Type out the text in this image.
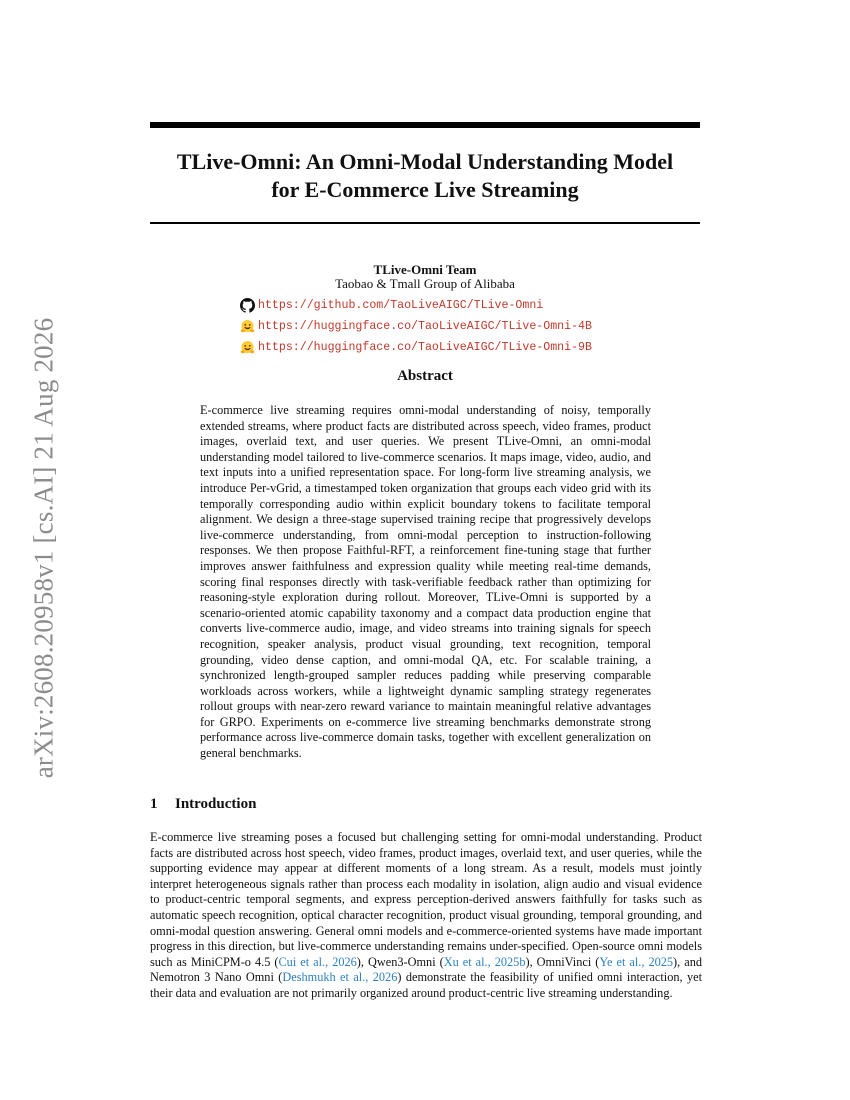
arXiv:2608.20958v1 [cs.AI] 21 Aug 2026
TLive-Omni: An Omni-Modal Understanding Model
for E-Commerce Live Streaming
TLive-Omni Team
Taobao & Tmall Group of Alibaba
https://github.com/TaoLiveAIGC/TLive-Omni
https://huggingface.co/TaoLiveAIGC/TLive-Omni-4B
https://huggingface.co/TaoLiveAIGC/TLive-Omni-9B
Abstract
E-commerce live streaming requires omni-modal understanding of noisy, temporally extended streams, where product facts are distributed across speech, video frames, product images, overlaid text, and user queries. We present TLive-Omni, an omni-modal understanding model tailored to live-commerce scenarios. It maps image, video, audio, and text inputs into a unified representation space. For long-form live streaming analysis, we introduce Per-vGrid, a timestamped token organization that groups each video grid with its temporally corresponding audio within explicit boundary tokens to facilitate temporal alignment. We design a three-stage supervised training recipe that progressively develops live-commerce understanding, from omni-modal perception to instruction-following responses. We then propose Faithful-RFT, a reinforcement fine-tuning stage that further improves answer faithfulness and expression quality while meeting real-time demands, scoring final responses directly with task-verifiable feedback rather than optimizing for reasoning-style exploration during rollout. Moreover, TLive-Omni is supported by a scenario-oriented atomic capability taxonomy and a compact data production engine that converts live-commerce audio, image, and video streams into training signals for speech recognition, speaker analysis, product visual grounding, text recognition, temporal grounding, video dense caption, and omni-modal QA, etc. For scalable training, a synchronized length-grouped sampler reduces padding while preserving comparable workloads across workers, while a lightweight dynamic sampling strategy regenerates rollout groups with near-zero reward variance to maintain meaningful relative advantages for GRPO. Experiments on e-commerce live streaming benchmarks demonstrate strong performance across live-commerce domain tasks, together with excellent generalization on general benchmarks.
1 Introduction
E-commerce live streaming poses a focused but challenging setting for omni-modal understanding. Product facts are distributed across host speech, video frames, product images, overlaid text, and user queries, while the supporting evidence may appear at different moments of a long stream. As a result, models must jointly interpret heterogeneous signals rather than process each modality in isolation, align audio and visual evidence to product-centric temporal segments, and express perception-derived answers faithfully for tasks such as automatic speech recognition, optical character recognition, product visual grounding, temporal grounding, and omni-modal question answering. General omni models and e-commerce-oriented systems have made important progress in this direction, but live-commerce understanding remains under-specified. Open-source omni models such as MiniCPM-o 4.5 (Cui et al., 2026), Qwen3-Omni (Xu et al., 2025b), OmniVinci (Ye et al., 2025), and Nemotron 3 Nano Omni (Deshmukh et al., 2026) demonstrate the feasibility of unified omni interaction, yet their data and evaluation are not primarily organized around product-centric live streaming understanding.
